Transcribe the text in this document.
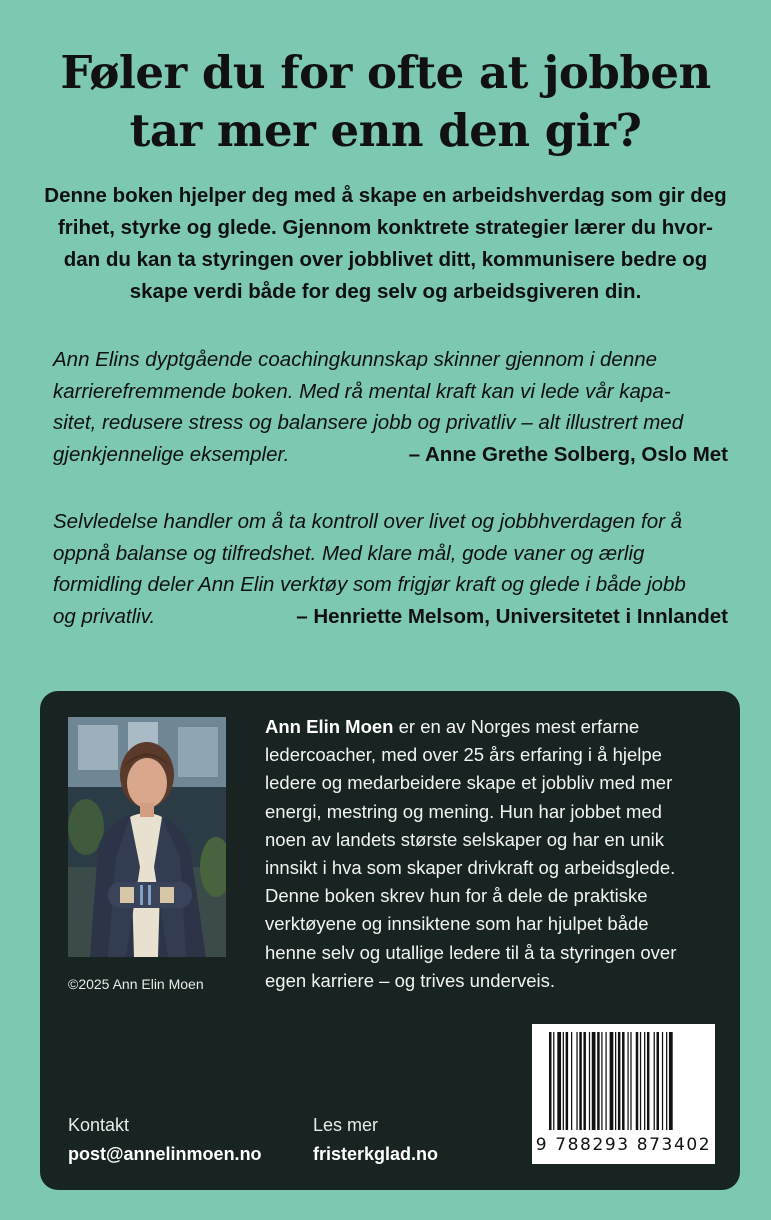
Føler du for ofte at jobben
tar mer enn den gir?

Denne boken hjelper deg med å skape en arbeidshverdag som gir deg
frihet, styrke og glede. Gjennom konktrete strategier lærer du hvor-
dan du kan ta styringen over jobblivet ditt, kommunisere bedre og
skape verdi både for deg selv og arbeidsgiveren din.

Ann Elins dyptgående coachingkunnskap skinner gjennom i denne
karrierefremmende boken. Med rå mental kraft kan vi lede vår kapa-
sitet, redusere stress og balansere jobb og privatliv – alt illustrert med
gjenkjennelige eksempler.	– Anne Grethe Solberg, Oslo Met
Selvledelse handler om å ta kontroll over livet og jobbhverdagen for å
oppnå balanse og tilfredshet. Med klare mål, gode vaner og ærlig
formidling deler Ann Elin verktøy som frigjør kraft og glede i både jobb
og privatliv.	– Henriette Melsom, Universitetet i Innlandet
©2025 Ann Elin Moen

Ann Elin Moen er en av Norges mest erfarne
ledercoacher, med over 25 års erfaring i å hjelpe
ledere og medarbeidere skape et jobbliv med mer
energi, mestring og mening. Hun har jobbet med
noen av landets største selskaper og har en unik
innsikt i hva som skaper drivkraft og arbeidsglede.
Denne boken skrev hun for å dele de praktiske
verktøyene og innsiktene som har hjulpet både
henne selv og utallige ledere til å ta styringen over
egen karriere – og trives underveis.

Kontakt
post@annelinmoen.no
Les mer
fristerkglad.no	9 788293 873402
